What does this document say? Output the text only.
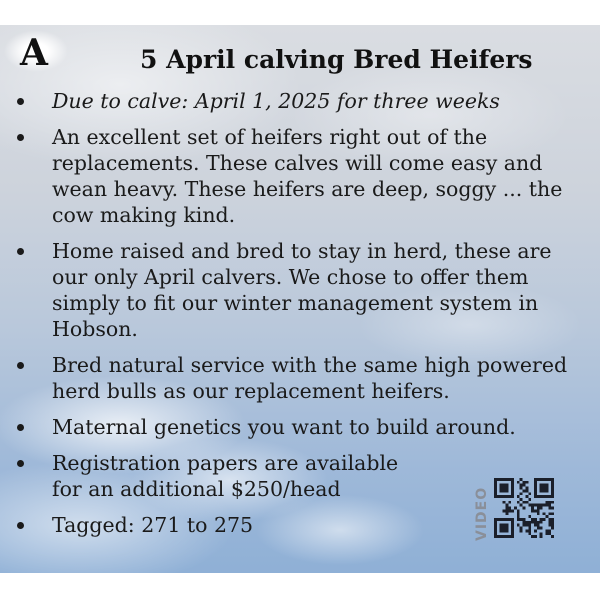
A	5 April calving Bred Heifers
Due to calve: April 1, 2025 for three weeks
An excellent set of heifers right out of the replacements. These calves will come easy and wean heavy. These heifers are deep, soggy ... the cow making kind.
Home raised and bred to stay in herd, these are our only April calvers. We chose to offer them simply to fit our winter management system in Hobson.
Bred natural service with the same high powered herd bulls as our replacement heifers.
Maternal genetics you want to build around.
Registration papers are available
for an additional $250/head
Tagged: 271 to 275	VIDEO
